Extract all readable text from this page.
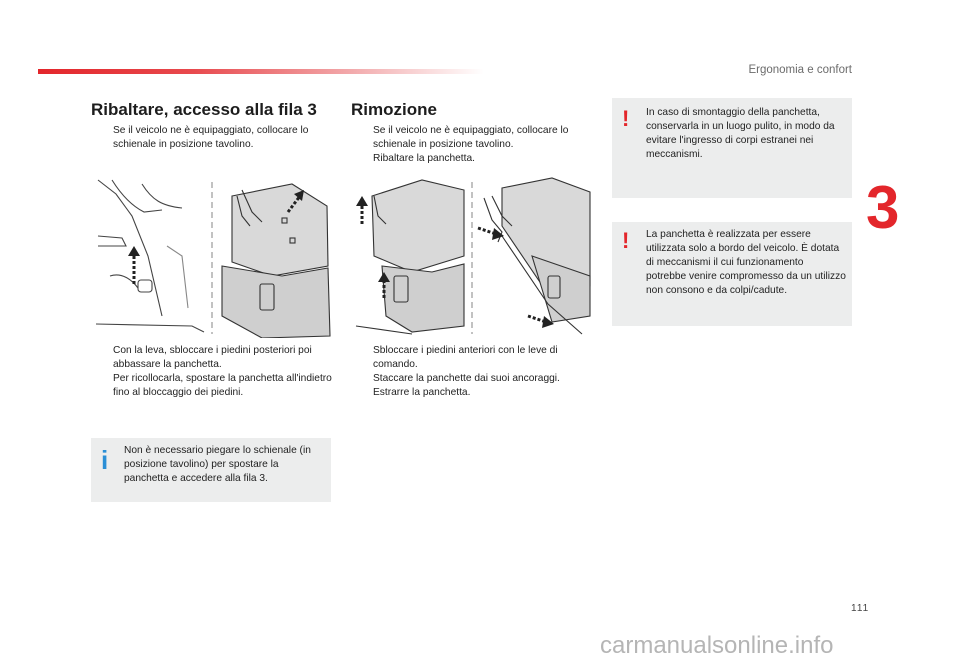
Ergonomia e confort
3
111
Ribaltare, accesso alla fila 3
Se il veicolo ne è equipaggiato, collocare lo schienale in posizione tavolino.
Con la leva, sbloccare i piedini posteriori poi abbassare la panchetta.
Per ricollocarla, spostare la panchetta all'indietro fino al bloccaggio dei piedini.
i Non è necessario piegare lo schienale (in posizione tavolino) per spostare la panchetta e accedere alla fila 3.
Rimozione
Se il veicolo ne è equipaggiato, collocare lo schienale in posizione tavolino.
Ribaltare la panchetta.
Sbloccare i piedini anteriori con le leve di comando.
Staccare la panchette dai suoi ancoraggi.
Estrarre la panchetta.
! In caso di smontaggio della panchetta, conservarla in un luogo pulito, in modo da evitare l'ingresso di corpi estranei nei meccanismi.
! La panchetta è realizzata per essere utilizzata solo a bordo del veicolo. È dotata di meccanismi il cui funzionamento potrebbe venire compromesso da un utilizzo non consono e da colpi/cadute.
carmanualsonline.info
